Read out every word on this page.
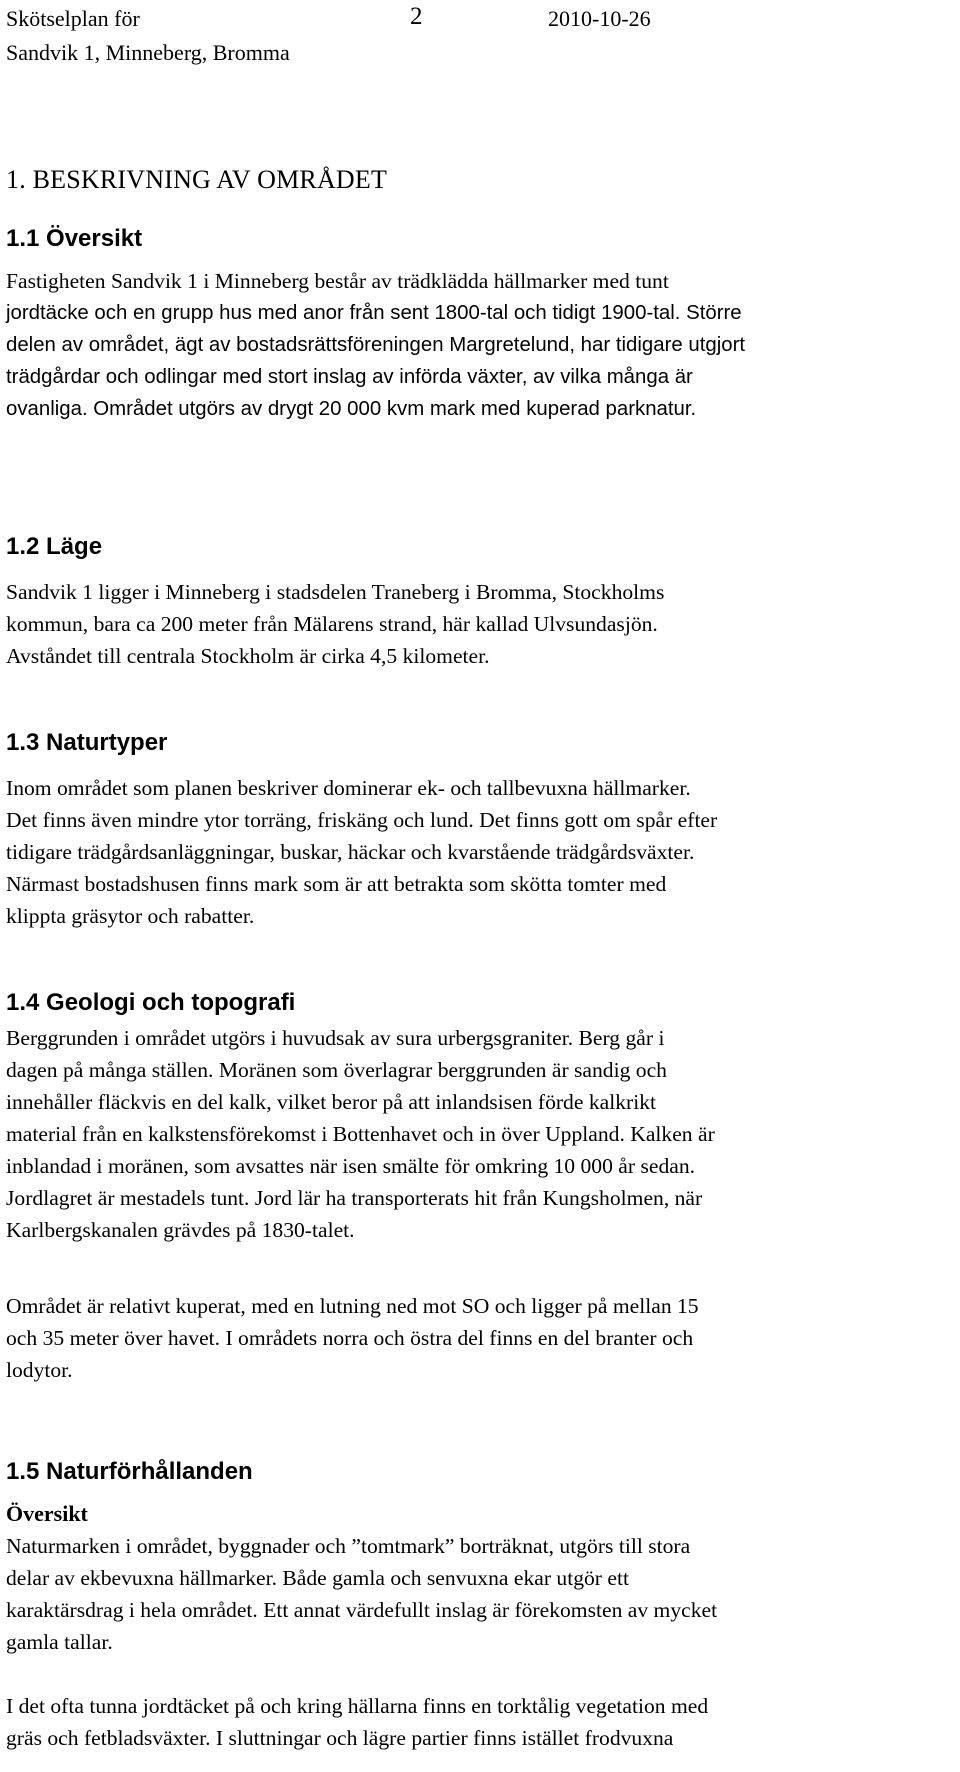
Skötselplan för
Sandvik 1, Minneberg, Bromma
2	2010-10-26
1. BESKRIVNING AV OMRÅDET
1.1 Översikt
Fastigheten Sandvik 1 i Minneberg består av trädklädda hällmarker med tunt
jordtäcke och en grupp hus med anor från sent 1800-tal och tidigt 1900-tal. Större
delen av området, ägt av bostadsrättsföreningen Margretelund, har tidigare utgjort
trädgårdar och odlingar med stort inslag av införda växter, av vilka många är
ovanliga. Området utgörs av drygt 20 000 kvm mark med kuperad parknatur.
1.2 Läge
Sandvik 1 ligger i Minneberg i stadsdelen Traneberg i Bromma, Stockholms
kommun, bara ca 200 meter från Mälarens strand, här kallad Ulvsundasjön.
Avståndet till centrala Stockholm är cirka 4,5 kilometer.
1.3 Naturtyper
Inom området som planen beskriver dominerar ek- och tallbevuxna hällmarker.
Det finns även mindre ytor torräng, friskäng och lund. Det finns gott om spår efter
tidigare trädgårdsanläggningar, buskar, häckar och kvarstående trädgårdsväxter.
Närmast bostadshusen finns mark som är att betrakta som skötta tomter med
klippta gräsytor och rabatter.
1.4 Geologi och topografi
Berggrunden i området utgörs i huvudsak av sura urbergsgraniter. Berg går i
dagen på många ställen. Moränen som överlagrar berggrunden är sandig och
innehåller fläckvis en del kalk, vilket beror på att inlandsisen förde kalkrikt
material från en kalkstensförekomst i Bottenhavet och in över Uppland. Kalken är
inblandad i moränen, som avsattes när isen smälte för omkring 10 000 år sedan.
Jordlagret är mestadels tunt. Jord lär ha transporterats hit från Kungsholmen, när
Karlbergskanalen grävdes på 1830-talet.
Området är relativt kuperat, med en lutning ned mot SO och ligger på mellan 15
och 35 meter över havet. I områdets norra och östra del finns en del branter och
lodytor.
1.5 Naturförhållanden
Översikt
Naturmarken i området, byggnader och ”tomtmark” borträknat, utgörs till stora
delar av ekbevuxna hällmarker. Både gamla och senvuxna ekar utgör ett
karaktärsdrag i hela området. Ett annat värdefullt inslag är förekomsten av mycket
gamla tallar.
I det ofta tunna jordtäcket på och kring hällarna finns en torktålig vegetation med
gräs och fetbladsväxter. I sluttningar och lägre partier finns istället frodvuxna
